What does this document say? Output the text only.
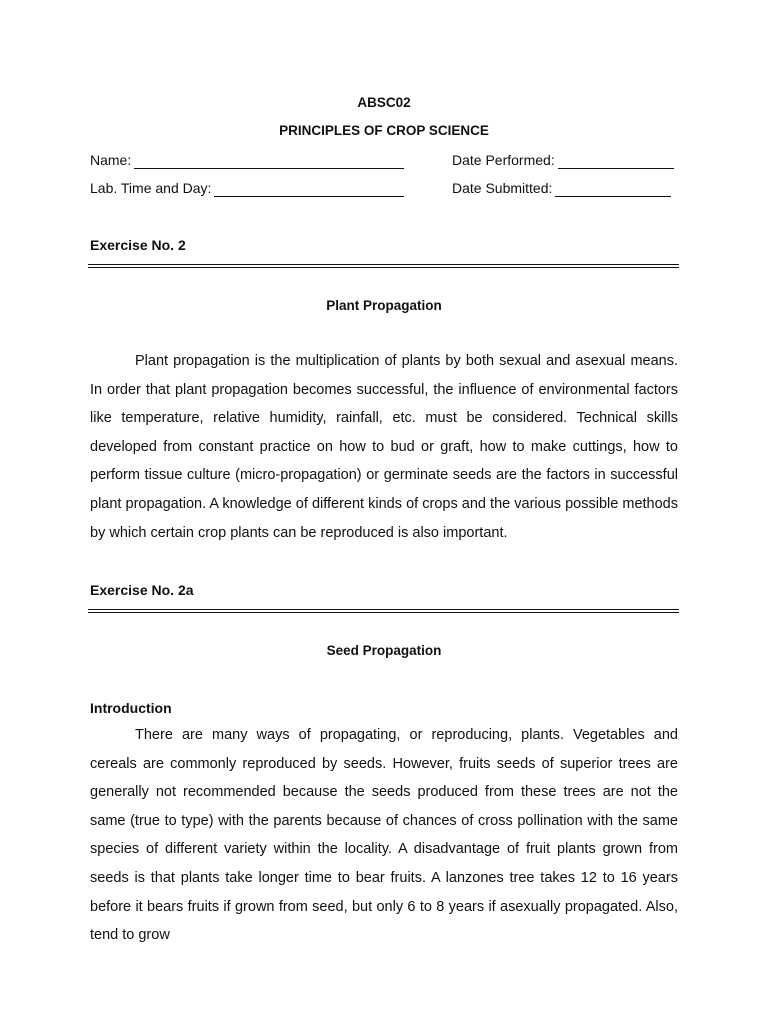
ABSC02
PRINCIPLES OF CROP SCIENCE
Name:	Date Performed:
Lab. Time and Day:	Date Submitted:
Exercise No. 2
Plant Propagation

Plant propagation is the multiplication of plants by both sexual and asexual means. In order that plant propagation becomes successful, the influence of environmental factors like temperature, relative humidity, rainfall, etc. must be considered. Technical skills developed from constant practice on how to bud or graft, how to make cuttings, how to perform tissue culture (micro-propagation) or germinate seeds are the factors in successful plant propagation. A knowledge of different kinds of crops and the various possible methods by which certain crop plants can be reproduced is also important.

Exercise No. 2a
Seed Propagation
Introduction

There are many ways of propagating, or reproducing, plants. Vegetables and cereals are commonly reproduced by seeds. However, fruits seeds of superior trees are generally not recommended because the seeds produced from these trees are not the same (true to type) with the parents because of chances of cross pollination with the same species of different variety within the locality. A disadvantage of fruit plants grown from seeds is that plants take longer time to bear fruits. A lanzones tree takes 12 to 16 years before it bears fruits if grown from seed, but only 6 to 8 years if asexually propagated. Also, tend to grow
